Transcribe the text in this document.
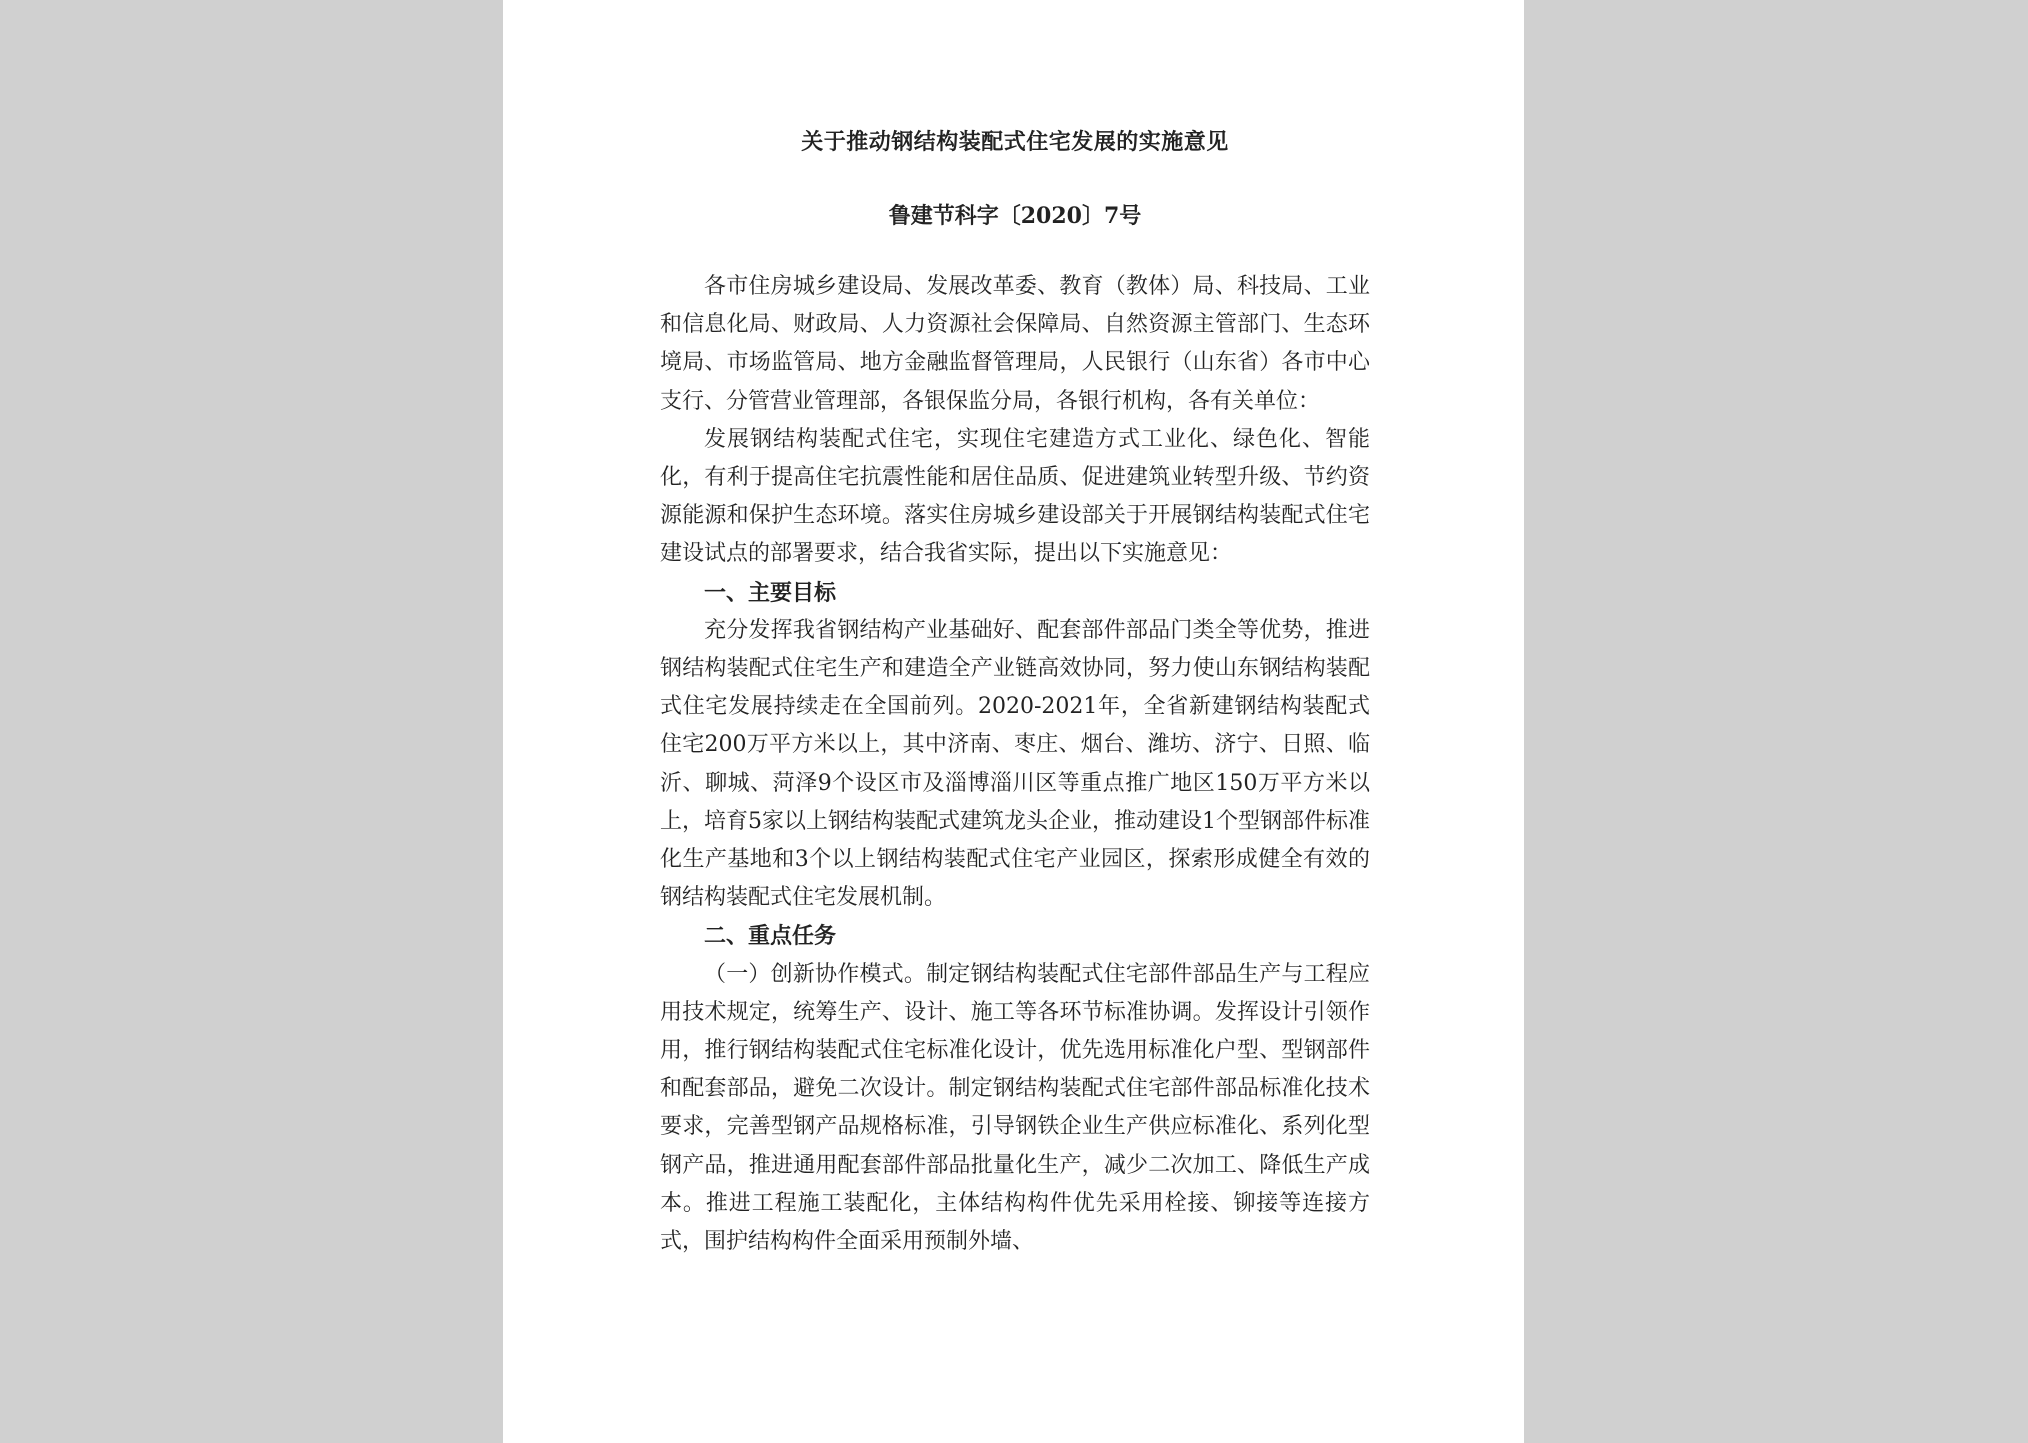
关于推动钢结构装配式住宅发展的实施意见
鲁建节科字〔2020〕7号

各市住房城乡建设局、发展改革委、教育（教体）局、科技局、工业和信息化局、财政局、人力资源社会保障局、自然资源主管部门、生态环境局、市场监管局、地方金融监督管理局，人民银行（山东省）各市中心支行、分管营业管理部，各银保监分局，各银行机构，各有关单位：

发展钢结构装配式住宅，实现住宅建造方式工业化、绿色化、智能化，有利于提高住宅抗震性能和居住品质、促进建筑业转型升级、节约资源能源和保护生态环境。落实住房城乡建设部关于开展钢结构装配式住宅建设试点的部署要求，结合我省实际，提出以下实施意见：

一、主要目标

充分发挥我省钢结构产业基础好、配套部件部品门类全等优势，推进钢结构装配式住宅生产和建造全产业链高效协同，努力使山东钢结构装配式住宅发展持续走在全国前列。2020-2021年，全省新建钢结构装配式住宅200万平方米以上，其中济南、枣庄、烟台、潍坊、济宁、日照、临沂、聊城、菏泽9个设区市及淄博淄川区等重点推广地区150万平方米以上，培育5家以上钢结构装配式建筑龙头企业，推动建设1个型钢部件标准化生产基地和3个以上钢结构装配式住宅产业园区，探索形成健全有效的钢结构装配式住宅发展机制。

二、重点任务

（一）创新协作模式。制定钢结构装配式住宅部件部品生产与工程应用技术规定，统筹生产、设计、施工等各环节标准协调。发挥设计引领作用，推行钢结构装配式住宅标准化设计，优先选用标准化户型、型钢部件和配套部品，避免二次设计。制定钢结构装配式住宅部件部品标准化技术要求，完善型钢产品规格标准，引导钢铁企业生产供应标准化、系列化型钢产品，推进通用配套部件部品批量化生产，减少二次加工、降低生产成本。推进工程施工装配化，主体结构构件优先采用栓接、铆接等连接方式，围护结构构件全面采用预制外墙、
